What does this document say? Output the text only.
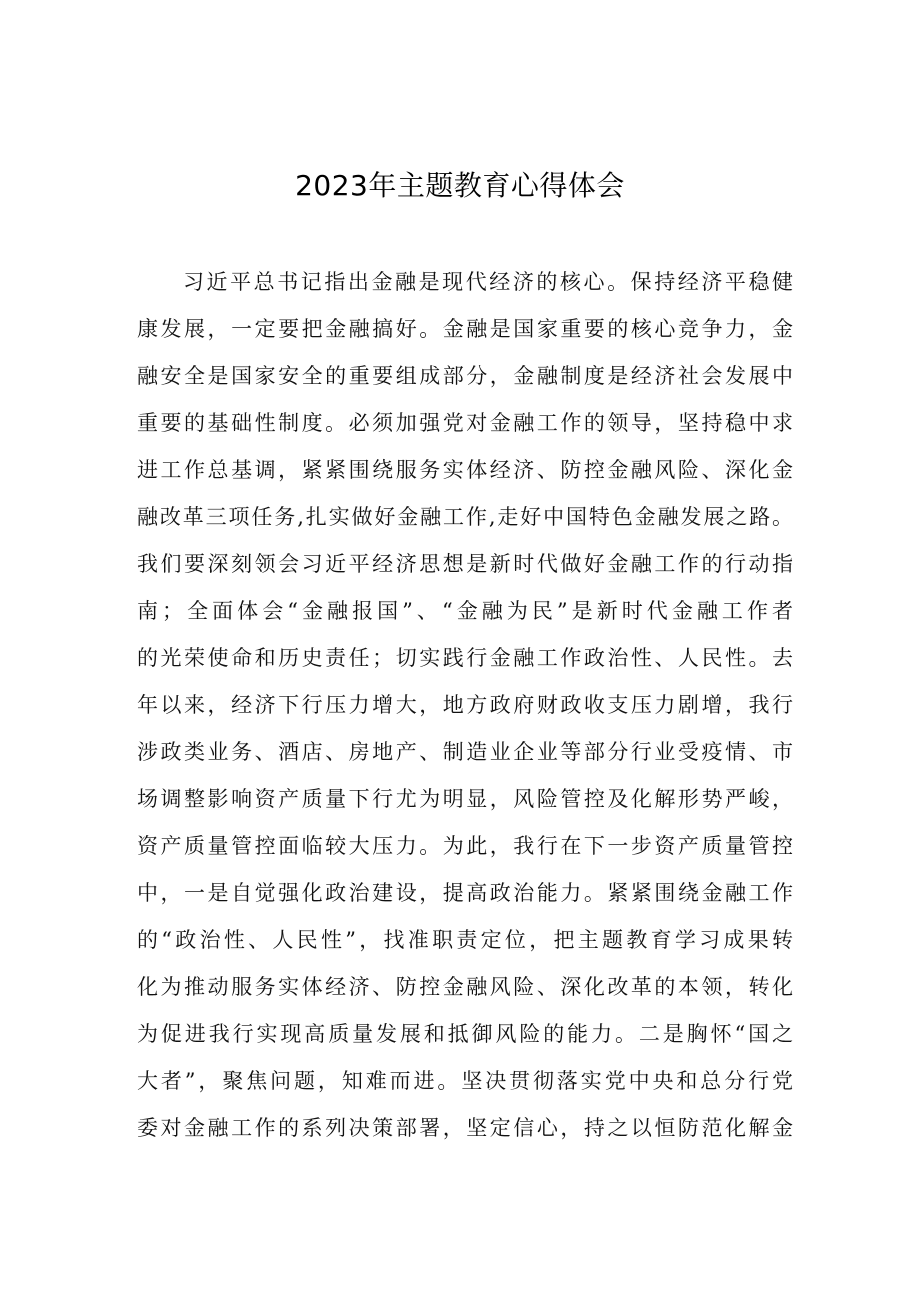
2023年主题教育心得体会
习近平总书记指出金融是现代经济的核心。保持经济平稳健
康发展，一定要把金融搞好。金融是国家重要的核心竞争力，金
融安全是国家安全的重要组成部分，金融制度是经济社会发展中
重要的基础性制度。必须加强党对金融工作的领导，坚持稳中求
进工作总基调，紧紧围绕服务实体经济、防控金融风险、深化金
融改革三项任务,扎实做好金融工作,走好中国特色金融发展之路。
我们要深刻领会习近平经济思想是新时代做好金融工作的行动指
南；全面体会“金融报国”、“金融为民”是新时代金融工作者
的光荣使命和历史责任；切实践行金融工作政治性、人民性。去
年以来，经济下行压力增大，地方政府财政收支压力剧增，我行
涉政类业务、酒店、房地产、制造业企业等部分行业受疫情、市
场调整影响资产质量下行尤为明显，风险管控及化解形势严峻，
资产质量管控面临较大压力。为此，我行在下一步资产质量管控
中，一是自觉强化政治建设，提高政治能力。紧紧围绕金融工作
的“政治性、人民性”，找准职责定位，把主题教育学习成果转
化为推动服务实体经济、防控金融风险、深化改革的本领，转化
为促进我行实现高质量发展和抵御风险的能力。二是胸怀“国之
大者”，聚焦问题，知难而进。坚决贯彻落实党中央和总分行党
委对金融工作的系列决策部署，坚定信心，持之以恒防范化解金
